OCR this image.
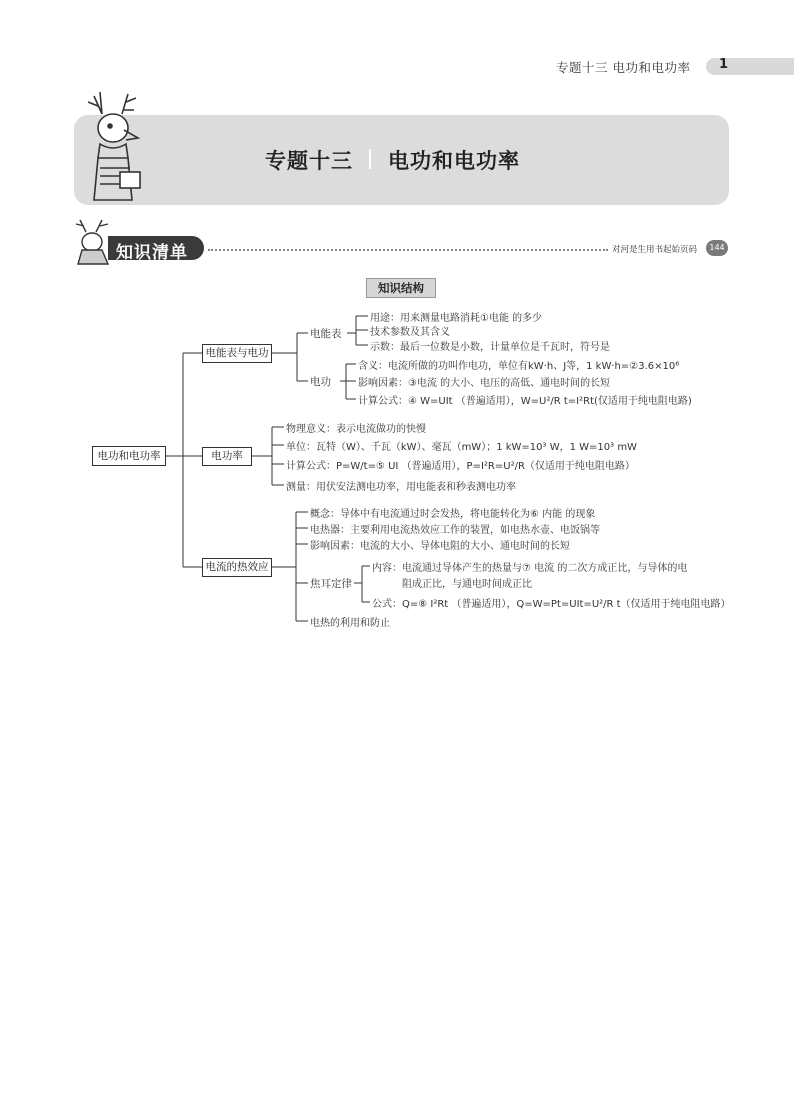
专题十三 电功和电功率 1
专题十三 电功和电功率
知识清单	对河是生用书起始页码	144
知识结构
电功和电功率
电能表与电功
电功率
电流的热效应
电能表
用途：用来测量电路消耗①电能 的多少
技术参数及其含义
示数：最后一位数是小数，计量单位是千瓦时，符号是
电功
含义：电流所做的功叫作电功，单位有kW·h、J等，1 kW·h=②3.6×10⁶
影响因素：③电流 的大小、电压的高低、通电时间的长短
计算公式：④ W=UIt （普遍适用），W=U²/R t=I²Rt(仅适用于纯电阻电路)
物理意义：表示电流做功的快慢
单位：瓦特（W）、千瓦（kW）、毫瓦（mW）；1 kW=10³ W，1 W=10³ mW
计算公式：P=W/t=⑤ UI （普遍适用），P=I²R=U²/R（仅适用于纯电阻电路）
测量：用伏安法测电功率，用电能表和秒表测电功率
概念：导体中有电流通过时会发热，将电能转化为⑥ 内能 的现象
电热器：主要利用电流热效应工作的装置，如电热水壶、电饭锅等
影响因素：电流的大小、导体电阻的大小、通电时间的长短
焦耳定律
内容：电流通过导体产生的热量与⑦ 电流 的二次方成正比，与导体的电
阻成正比，与通电时间成正比
公式：Q=⑧ I²Rt （普遍适用），Q=W=Pt=UIt=U²/R t（仅适用于纯电阻电路）
电热的利用和防止
